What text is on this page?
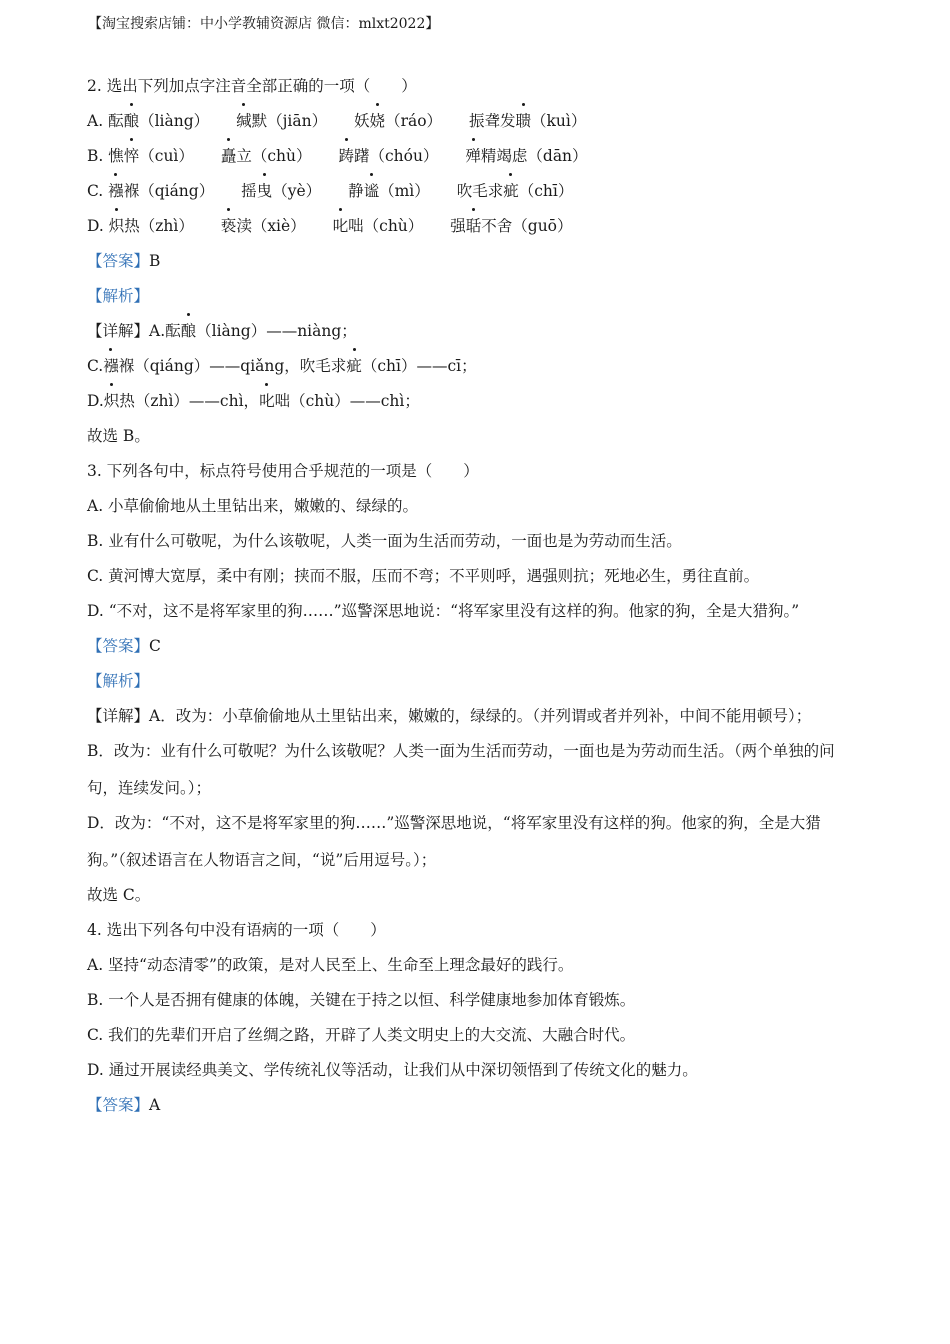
【淘宝搜索店铺：中小学教辅资源店 微信：mlxt2022】
2. 选出下列加点字注音全部正确的一项（　　）
A. 酝酿（liàng） 缄默（jiān） 妖娆（ráo） 振聋发聩（kuì）
B. 憔悴（cuì） 矗立（chù） 踌躇（chóu） 殚精竭虑（dān）
C. 襁褓（qiáng） 摇曳（yè） 静谧（mì） 吹毛求疵（chī）
D. 炽热（zhì） 亵渎（xiè） 叱咄（chù） 强聒不舍（guō）
【答案】B
【解析】
【详解】A.酝酿（liàng）——niàng；
C.襁褓（qiáng）——qiǎng，吹毛求疵（chī）——cī；
D.炽热（zhì）——chì，叱咄（chù）——chì；
故选 B。
3. 下列各句中，标点符号使用合乎规范的一项是（　　）
A. 小草偷偷地从土里钻出来，嫩嫩的、绿绿的。
B. 业有什么可敬呢，为什么该敬呢，人类一面为生活而劳动，一面也是为劳动而生活。
C. 黄河博大宽厚，柔中有刚；挟而不服，压而不弯；不平则呼，遇强则抗；死地必生，勇往直前。
D. “不对，这不是将军家里的狗……”巡警深思地说：“将军家里没有这样的狗。他家的狗，全是大猎狗。”
【答案】C
【解析】
【详解】A．改为：小草偷偷地从土里钻出来，嫩嫩的，绿绿的。（并列谓或者并列补，中间不能用顿号）；
B．改为：业有什么可敬呢？为什么该敬呢？人类一面为生活而劳动，一面也是为劳动而生活。（两个单独的问句，连续发问。）；
D．改为：“不对，这不是将军家里的狗……”巡警深思地说，“将军家里没有这样的狗。他家的狗，全是大猎狗。”（叙述语言在人物语言之间，“说”后用逗号。）；
故选 C。
4. 选出下列各句中没有语病的一项（　　）
A. 坚持“动态清零”的政策，是对人民至上、生命至上理念最好的践行。
B. 一个人是否拥有健康的体魄，关键在于持之以恒、科学健康地参加体育锻炼。
C. 我们的先辈们开启了丝绸之路，开辟了人类文明史上的大交流、大融合时代。
D. 通过开展读经典美文、学传统礼仪等活动，让我们从中深切领悟到了传统文化的魅力。
【答案】A
